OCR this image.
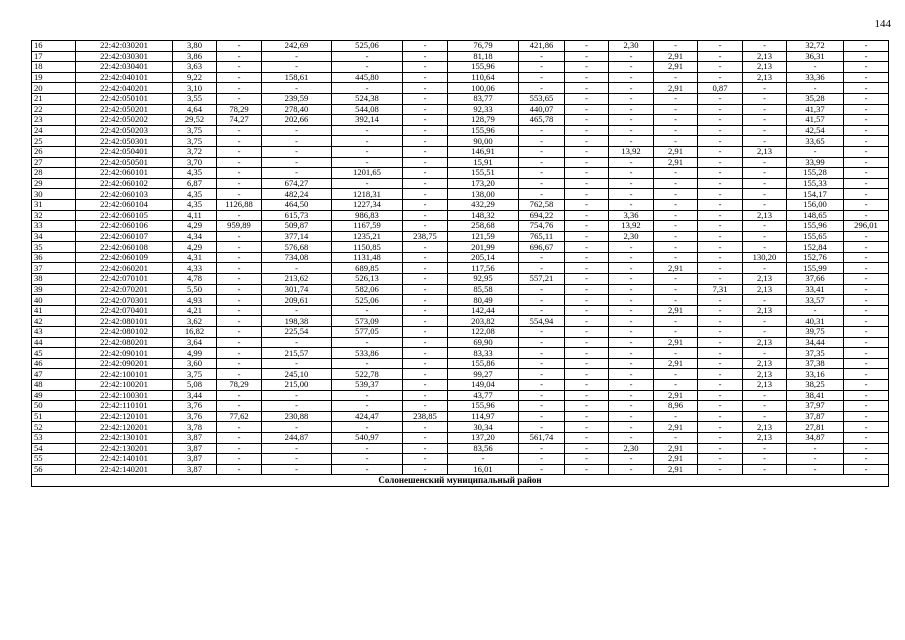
144
16	22:42:030201	3,80	-	242,69	525,06	-	76,79	421,86	-	2,30	-	-	-	32,72	-
17	22:42:030301	3,86	-	-	-	-	81,18	-	-	-	2,91	-	2,13	36,31	-
18	22:42:030401	3,63	-	-	-	-	155,96	-	-	-	2,91	-	2,13	-	-
19	22:42:040101	9,22	-	158,61	445,80	-	110,64	-	-	-	-	-	2,13	33,36	-
20	22:42:040201	3,10	-	-	-	-	100,06	-	-	-	2,91	0,87	-	-	-
21	22:42:050101	3,55	-	239,59	524,38	-	83,77	553,65	-	-	-	-	-	35,28	-
22	22:42:050201	4,64	78,29	278,40	544,08	-	92,33	440,07	-	-	-	-	-	41,37	-
23	22:42:050202	29,52	74,27	202,66	392,14	-	128,79	465,78	-	-	-	-	-	41,57	-
24	22:42:050203	3,75	-	-	-	-	155,96	-	-	-	-	-	-	42,54	-
25	22:42:050301	3,75	-	-	-	-	90,00	-	-	-	-	-	-	33,65	-
26	22:42:050401	3,72	-	-	-	-	146,91	-	-	13,92	2,91	-	2,13	-	-
27	22:42:050501	3,70	-	-	-	-	15,91	-	-	-	2,91	-	-	33,99	-
28	22:42:060101	4,35	-	-	1201,65	-	155,51	-	-	-	-	-	-	155,28	-
29	22:42:060102	6,87	-	674,27	-	-	173,20	-	-	-	-	-	-	155,33	-
30	22:42:060103	4,35	-	482,24	1218,31	-	138,00	-	-	-	-	-	-	154,17	-
31	22:42:060104	4,35	1126,88	464,50	1227,34	-	432,29	762,58	-	-	-	-	-	156,00	-
32	22:42:060105	4,11	-	615,73	986,83	-	148,32	694,22	-	3,36	-	-	2,13	148,65	-
33	22:42:060106	4,29	959,89	509,87	1167,59	-	258,68	754,76	-	13,92	-	-	-	155,96	296,01
34	22:42:060107	4,34	-	377,14	1235,21	238,75	121,59	765,11	-	2,30	-	-	-	155,65	-
35	22:42:060108	4,29	-	576,68	1150,85	-	201,99	696,67	-	-	-	-	-	152,84	-
36	22:42:060109	4,31	-	734,08	1131,48	-	205,14	-	-	-	-	-	130,20	152,76	-
37	22:42:060201	4,33	-	-	689,85	-	117,56	-	-	-	2,91	-	-	155,99	-
38	22:42:070101	4,78	-	213,62	526,13	-	92,95	557,21	-	-	-	-	2,13	37,66	-
39	22:42:070201	5,50	-	301,74	582,06	-	85,58	-	-	-	-	7,31	2,13	33,41	-
40	22:42:070301	4,93	-	209,61	525,06	-	80,49	-	-	-	-	-	-	33,57	-
41	22:42:070401	4,21	-	-	-	-	142,44	-	-	-	2,91	-	2,13	-	-
42	22:42:080101	3,62	-	198,38	573,09	-	203,82	554,94	-	-	-	-	-	40,31	-
43	22:42:080102	16,82	-	225,54	577,05	-	122,08	-	-	-	-	-	-	39,75	-
44	22:42:080201	3,64	-	-	-	-	69,90	-	-	-	2,91	-	2,13	34,44	-
45	22:42:090101	4,99	-	215,57	533,86	-	83,33	-	-	-	-	-	-	37,35	-
46	22:42:090201	3,60	-	-	-	-	155,86	-	-	-	2,91	-	2,13	37,38	-
47	22:42:100101	3,75	-	245,10	522,78	-	99,27	-	-	-	-	-	2,13	33,16	-
48	22:42:100201	5,08	78,29	215,00	539,37	-	149,04	-	-	-	-	-	2,13	38,25	-
49	22:42:100301	3,44	-	-	-	-	43,77	-	-	-	2,91	-	-	38,41	-
50	22:42:110101	3,76	-	-	-	-	155,96	-	-	-	8,96	-	-	37,97	-
51	22:42:120101	3,76	77,62	230,88	424,47	238,85	114,97	-	-	-	-	-	-	37,87	-
52	22:42:120201	3,78	-	-	-	-	30,34	-	-	-	2,91	-	2,13	27,81	-
53	22:42:130101	3,87	-	244,87	540,97	-	137,20	561,74	-	-	-	-	2,13	34,87	-
54	22:42:130201	3,87	-	-	-	-	83,56	-	-	2,30	2,91	-	-	-	-
55	22:42:140101	3,87	-	-	-	-	-	-	-	-	2,91	-	-	-	-
56	22:42:140201	3,87	-	-	-	-	16,01	-	-	-	2,91	-	-	-	-
Солонешенский муниципальный район															
